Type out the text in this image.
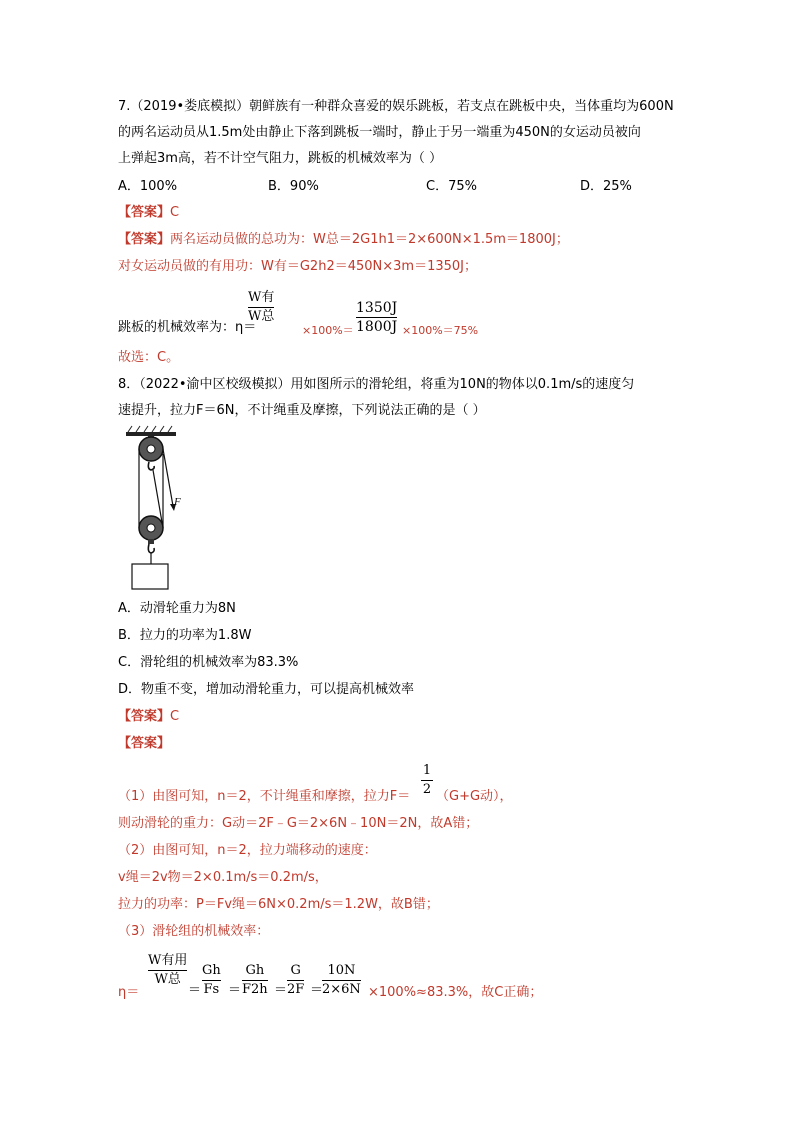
7.（2019•娄底模拟）朝鲜族有一种群众喜爱的娱乐跳板，若支点在跳板中央，当体重均为600N
的两名运动员从1.5m处由静止下落到跳板一端时，静止于另一端重为450N的女运动员被向
上弹起3m高，若不计空气阻力，跳板的机械效率为（ ）
A．100%	B．90%	C．75%	D．25%
【答案】C
【答案】两名运动员做的总功为：W总＝2G1h1＝2×600N×1.5m＝1800J；
对女运动员做的有用功：W有＝G2h2＝450N×3m＝1350J；
跳板的机械效率为：η＝
W有
W总
×100%＝
1350J
1800J ×100%＝75%
故选：C。
8．（2022•渝中区校级模拟）用如图所示的滑轮组，将重为10N的物体以0.1m/s的速度匀
速提升，拉力F＝6N，不计绳重及摩擦，下列说法正确的是（ ）
F
A．动滑轮重力为8N
B．拉力的功率为1.8W
C．滑轮组的机械效率为83.3%
D．物重不变，增加动滑轮重力，可以提高机械效率
【答案】C
【答案】
（1）由图可知，n＝2，不计绳重和摩擦，拉力F＝
1
2 （G+G动），
则动滑轮的重力：G动＝2F﹣G＝2×6N﹣10N＝2N，故A错；
（2）由图可知，n＝2，拉力端移动的速度：
v绳＝2v物＝2×0.1m/s＝0.2m/s，
拉力的功率：P＝Fv绳＝6N×0.2m/s＝1.2W，故B错；
（3）滑轮组的机械效率：
η＝
W有用
W总
＝
Gh
Fs ＝
Gh
F2h ＝
G
2F ＝
10N
2×6N ×100%≈83.3%，故C正确；
